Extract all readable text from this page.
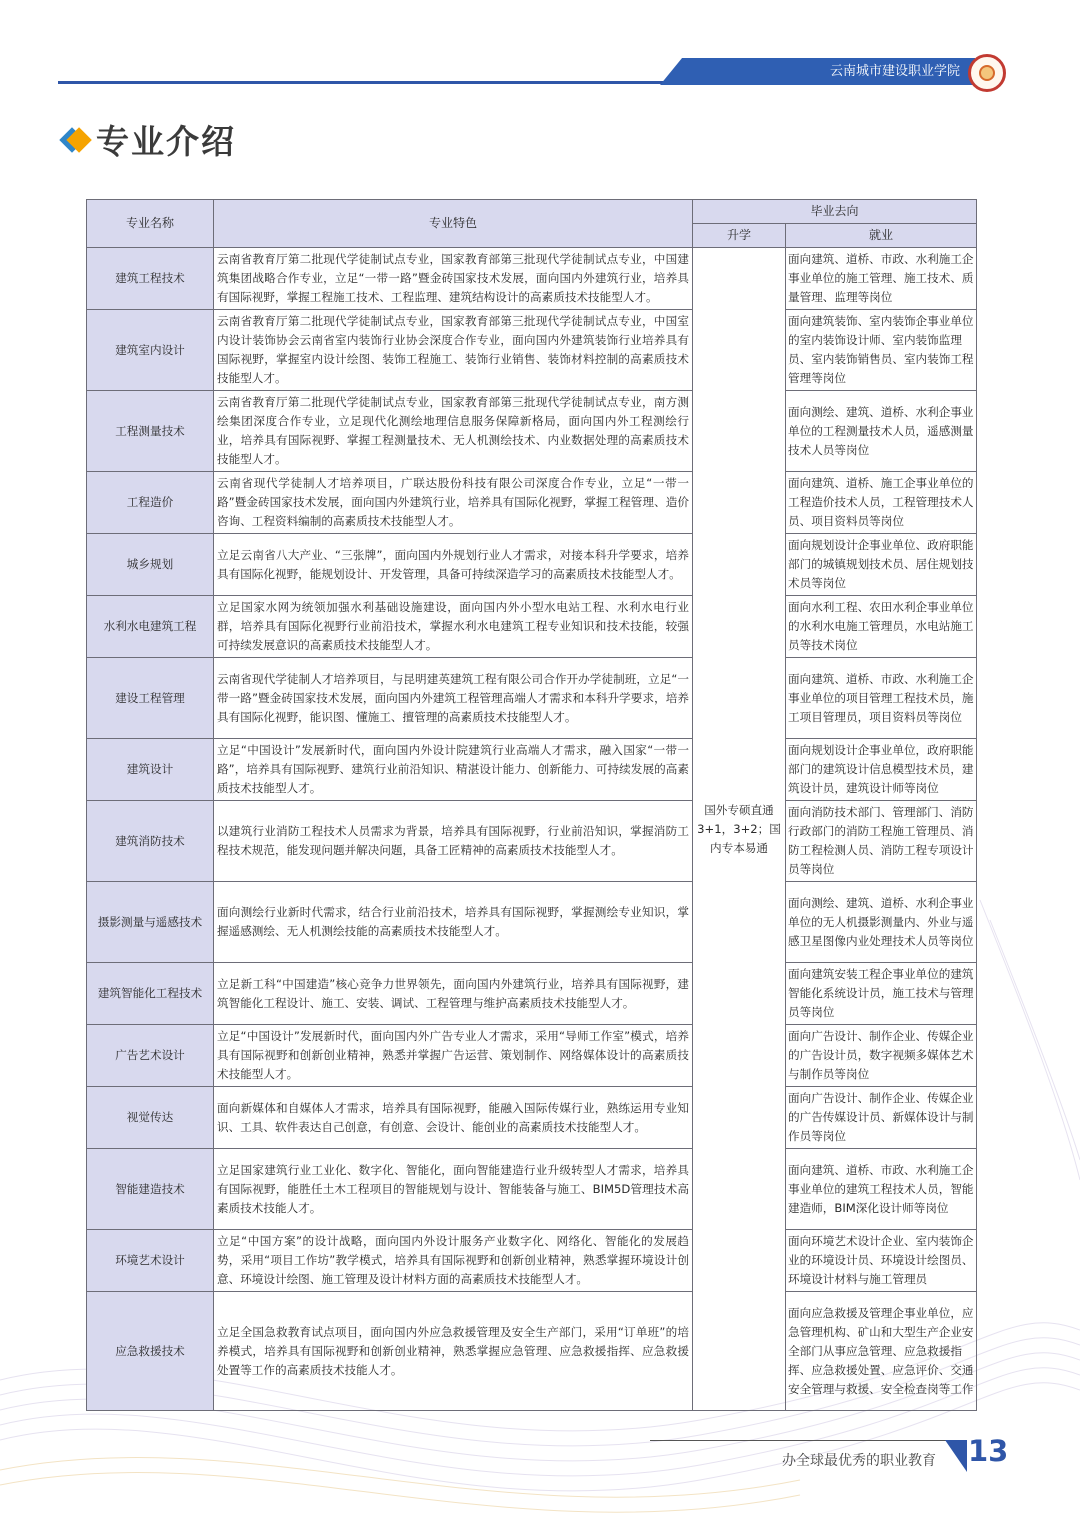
云南城市建设职业学院
专业介绍
专业名称	专业特色	毕业去向	
		升学	就业
建筑工程技术	云南省教育厅第二批现代学徒制试点专业，国家教育部第三批现代学徒制试点专业，中国建筑集团战略合作专业，立足“一带一路”暨金砖国家技术发展，面向国内外建筑行业，培养具有国际视野，掌握工程施工技术、工程监理、建筑结构设计的高素质技术技能型人才。	国外专硕直通3+1，3+2；国内专本易通	面向建筑、道桥、市政、水利施工企事业单位的施工管理、施工技术、质量管理、监理等岗位
建筑室内设计	云南省教育厅第二批现代学徒制试点专业，国家教育部第三批现代学徒制试点专业，中国室内设计装饰协会云南省室内装饰行业协会深度合作专业，面向国内外建筑装饰行业培养具有国际视野，掌握室内设计绘图、装饰工程施工、装饰行业销售、装饰材料控制的高素质技术技能型人才。		面向建筑装饰、室内装饰企事业单位的室内装饰设计师、室内装饰监理员、室内装饰销售员、室内装饰工程管理等岗位
工程测量技术	云南省教育厅第二批现代学徒制试点专业，国家教育部第三批现代学徒制试点专业，南方测绘集团深度合作专业，立足现代化测绘地理信息服务保障新格局，面向国内外工程测绘行业，培养具有国际视野、掌握工程测量技术、无人机测绘技术、内业数据处理的高素质技术技能型人才。		面向测绘、建筑、道桥、水利企事业单位的工程测量技术人员，遥感测量技术人员等岗位
工程造价	云南省现代学徒制人才培养项目，广联达股份科技有限公司深度合作专业，立足“一带一路”暨金砖国家技术发展，面向国内外建筑行业，培养具有国际化视野，掌握工程管理、造价咨询、工程资料编制的高素质技术技能型人才。		面向建筑、道桥、施工企事业单位的工程造价技术人员，工程管理技术人员、项目资料员等岗位
城乡规划	立足云南省八大产业、“三张牌”，面向国内外规划行业人才需求，对接本科升学要求，培养具有国际化视野，能规划设计、开发管理，具备可持续深造学习的高素质技术技能型人才。		面向规划设计企事业单位、政府职能部门的城镇规划技术员、居住规划技术员等岗位
水利水电建筑工程	立足国家水网为统领加强水利基础设施建设，面向国内外小型水电站工程、水利水电行业群，培养具有国际化视野行业前沿技术，掌握水利水电建筑工程专业知识和技术技能，较强可持续发展意识的高素质技术技能型人才。		面向水利工程、农田水利企事业单位的水利水电施工管理员，水电站施工员等技术岗位
建设工程管理	云南省现代学徒制人才培养项目，与昆明建英建筑工程有限公司合作开办学徒制班，立足“一带一路”暨金砖国家技术发展，面向国内外建筑工程管理高端人才需求和本科升学要求，培养具有国际化视野，能识图、懂施工、擅管理的高素质技术技能型人才。		面向建筑、道桥、市政、水利施工企事业单位的项目管理工程技术员，施工项目管理员，项目资料员等岗位
建筑设计	立足“中国设计”发展新时代，面向国内外设计院建筑行业高端人才需求，融入国家“一带一路”，培养具有国际视野、建筑行业前沿知识、精湛设计能力、创新能力、可持续发展的高素质技术技能型人才。		面向规划设计企事业单位，政府职能部门的建筑设计信息模型技术员，建筑设计员，建筑设计师等岗位
建筑消防技术	以建筑行业消防工程技术人员需求为背景，培养具有国际视野，行业前沿知识，掌握消防工程技术规范，能发现问题并解决问题，具备工匠精神的高素质技术技能型人才。		面向消防技术部门、管理部门、消防行政部门的消防工程施工管理员、消防工程检测人员、消防工程专项设计员等岗位
摄影测量与遥感技术	面向测绘行业新时代需求，结合行业前沿技术，培养具有国际视野，掌握测绘专业知识，掌握遥感测绘、无人机测绘技能的高素质技术技能型人才。		面向测绘、建筑、道桥、水利企事业单位的无人机摄影测量内、外业与遥感卫星图像内业处理技术人员等岗位
建筑智能化工程技术	立足新工科“中国建造”核心竞争力世界领先，面向国内外建筑行业，培养具有国际视野，建筑智能化工程设计、施工、安装、调试、工程管理与维护高素质技术技能型人才。		面向建筑安装工程企事业单位的建筑智能化系统设计员，施工技术与管理员等岗位
广告艺术设计	立足“中国设计”发展新时代，面向国内外广告专业人才需求，采用“导师工作室”模式，培养具有国际视野和创新创业精神，熟悉并掌握广告运营、策划制作、网络媒体设计的高素质技术技能型人才。		面向广告设计、制作企业、传媒企业的广告设计员，数字视频多媒体艺术与制作员等岗位
视觉传达	面向新媒体和自媒体人才需求，培养具有国际视野，能融入国际传媒行业，熟练运用专业知识、工具、软件表达自己创意，有创意、会设计、能创业的高素质技术技能型人才。		面向广告设计、制作企业、传媒企业的广告传媒设计员、新媒体设计与制作员等岗位
智能建造技术	立足国家建筑行业工业化、数字化、智能化，面向智能建造行业升级转型人才需求，培养具有国际视野，能胜任土木工程项目的智能规划与设计、智能装备与施工、BIM5D管理技术高素质技术技能人才。		面向建筑、道桥、市政、水利施工企事业单位的建筑工程技术人员，智能建造师，BIM深化设计师等岗位
环境艺术设计	立足“中国方案”的设计战略，面向国内外设计服务产业数字化、网络化、智能化的发展趋势，采用“项目工作坊”教学模式，培养具有国际视野和创新创业精神，熟悉掌握环境设计创意、环境设计绘图、施工管理及设计材料方面的高素质技术技能型人才。		面向环境艺术设计企业、室内装饰企业的环境设计员、环境设计绘图员、环境设计材料与施工管理员
应急救援技术	立足全国急救教育试点项目，面向国内外应急救援管理及安全生产部门，采用“订单班”的培养模式，培养具有国际视野和创新创业精神，熟悉掌握应急管理、应急救援指挥、应急救援处置等工作的高素质技术技能人才。		面向应急救援及管理企事业单位，应急管理机构、矿山和大型生产企业安全部门从事应急管理、应急救援指挥、应急救援处置、应急评价、交通安全管理与救援、安全检查岗等工作
办全球最优秀的职业教育 13
